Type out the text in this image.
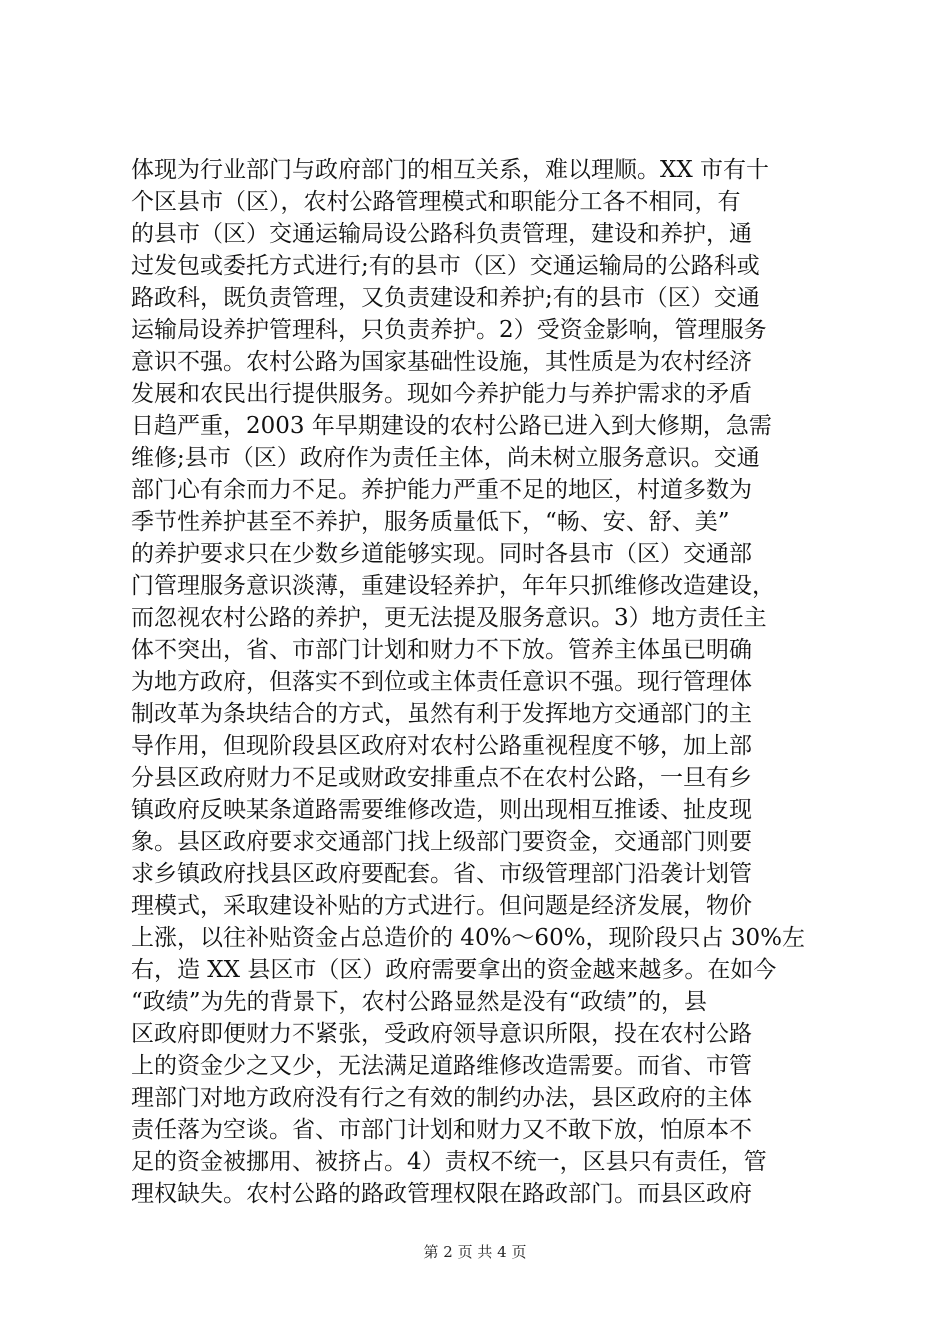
体现为行业部门与政府部门的相互关系，难以理顺。XX 市有十
个区县市（区），农村公路管理模式和职能分工各不相同，有
的县市（区）交通运输局设公路科负责管理，建设和养护，通
过发包或委托方式进行;有的县市（区）交通运输局的公路科或
路政科，既负责管理，又负责建设和养护;有的县市（区）交通
运输局设养护管理科，只负责养护。2）受资金影响，管理服务
意识不强。农村公路为国家基础性设施，其性质是为农村经济
发展和农民出行提供服务。现如今养护能力与养护需求的矛盾
日趋严重，2003 年早期建设的农村公路已进入到大修期，急需
维修;县市（区）政府作为责任主体，尚未树立服务意识。交通
部门心有余而力不足。养护能力严重不足的地区，村道多数为
季节性养护甚至不养护，服务质量低下，“畅、安、舒、美”
的养护要求只在少数乡道能够实现。同时各县市（区）交通部
门管理服务意识淡薄，重建设轻养护，年年只抓维修改造建设，
而忽视农村公路的养护，更无法提及服务意识。3）地方责任主
体不突出，省、市部门计划和财力不下放。管养主体虽已明确
为地方政府，但落实不到位或主体责任意识不强。现行管理体
制改革为条块结合的方式，虽然有利于发挥地方交通部门的主
导作用，但现阶段县区政府对农村公路重视程度不够，加上部
分县区政府财力不足或财政安排重点不在农村公路，一旦有乡
镇政府反映某条道路需要维修改造，则出现相互推诿、扯皮现
象。县区政府要求交通部门找上级部门要资金，交通部门则要
求乡镇政府找县区政府要配套。省、市级管理部门沿袭计划管
理模式，采取建设补贴的方式进行。但问题是经济发展，物价
上涨，以往补贴资金占总造价的 40%～60%，现阶段只占 30%左
右，造 XX 县区市（区）政府需要拿出的资金越来越多。在如今
“政绩”为先的背景下，农村公路显然是没有“政绩”的，县
区政府即便财力不紧张，受政府领导意识所限，投在农村公路
上的资金少之又少，无法满足道路维修改造需要。而省、市管
理部门对地方政府没有行之有效的制约办法，县区政府的主体
责任落为空谈。省、市部门计划和财力又不敢下放，怕原本不
足的资金被挪用、被挤占。4）责权不统一，区县只有责任，管
理权缺失。农村公路的路政管理权限在路政部门。而县区政府
第 2 页 共 4 页
